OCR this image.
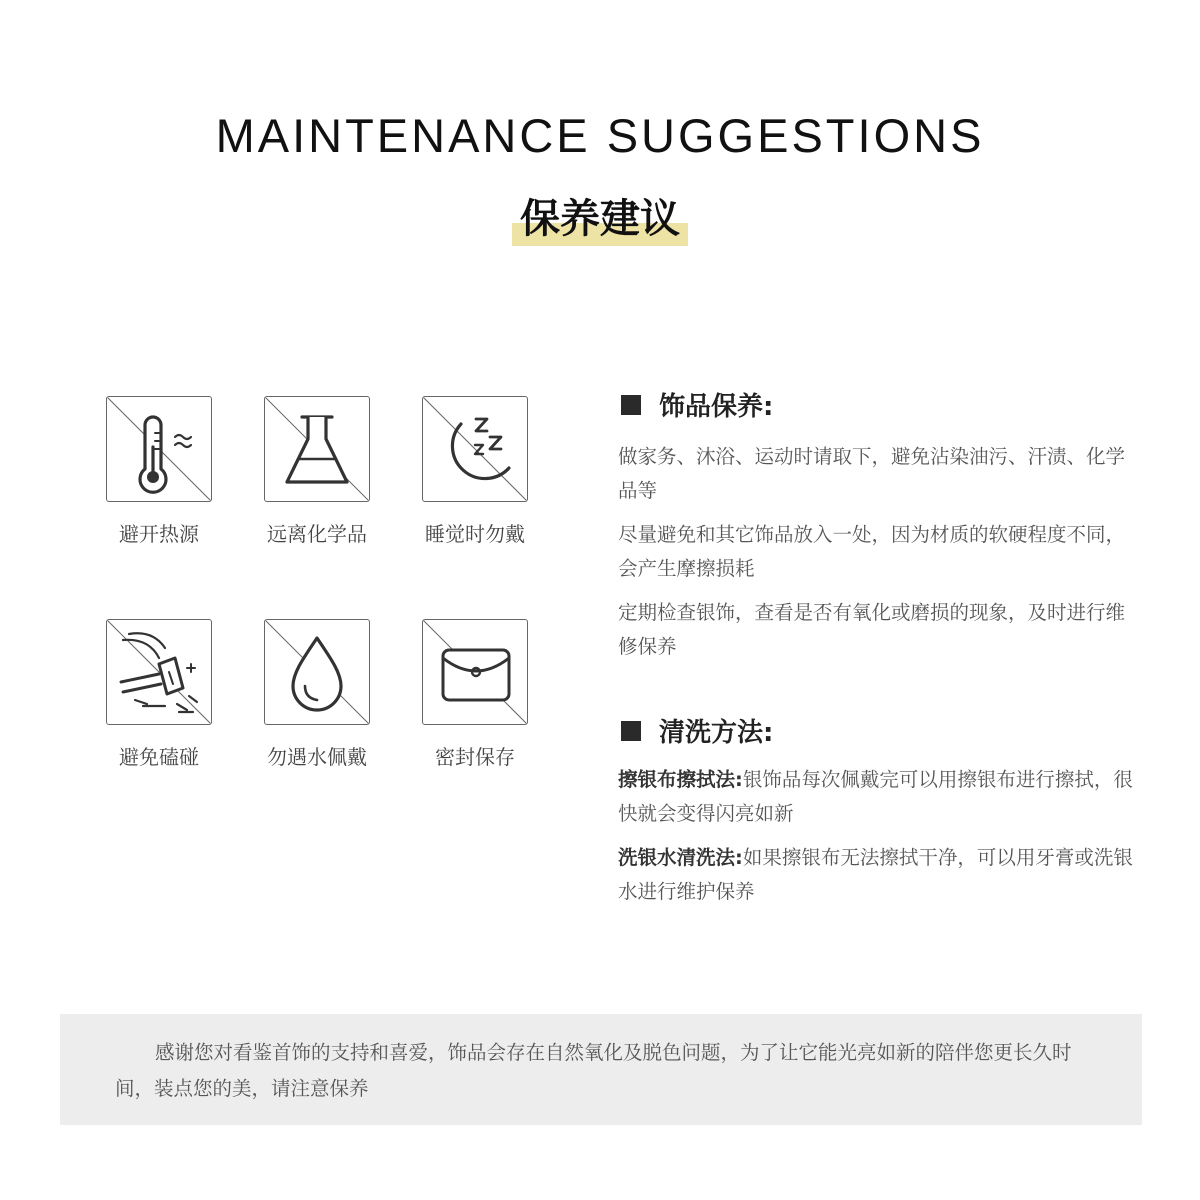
MAINTENANCE SUGGESTIONS
保养建议
避开热源	远离化学品	睡觉时勿戴
避免磕碰	勿遇水佩戴	密封保存
饰品保养:
做家务、沐浴、运动时请取下，避免沾染油污、汗渍、化学品等
尽量避免和其它饰品放入一处，因为材质的软硬程度不同，会产生摩擦损耗
定期检查银饰，查看是否有氧化或磨损的现象，及时进行维修保养
清洗方法:
擦银布擦拭法:银饰品每次佩戴完可以用擦银布进行擦拭，很快就会变得闪亮如新
洗银水清洗法:如果擦银布无法擦拭干净，可以用牙膏或洗银水进行维护保养
感谢您对看鉴首饰的支持和喜爱，饰品会存在自然氧化及脱色问题，为了让它能光亮如新的陪伴您更长久时间，装点您的美，请注意保养
